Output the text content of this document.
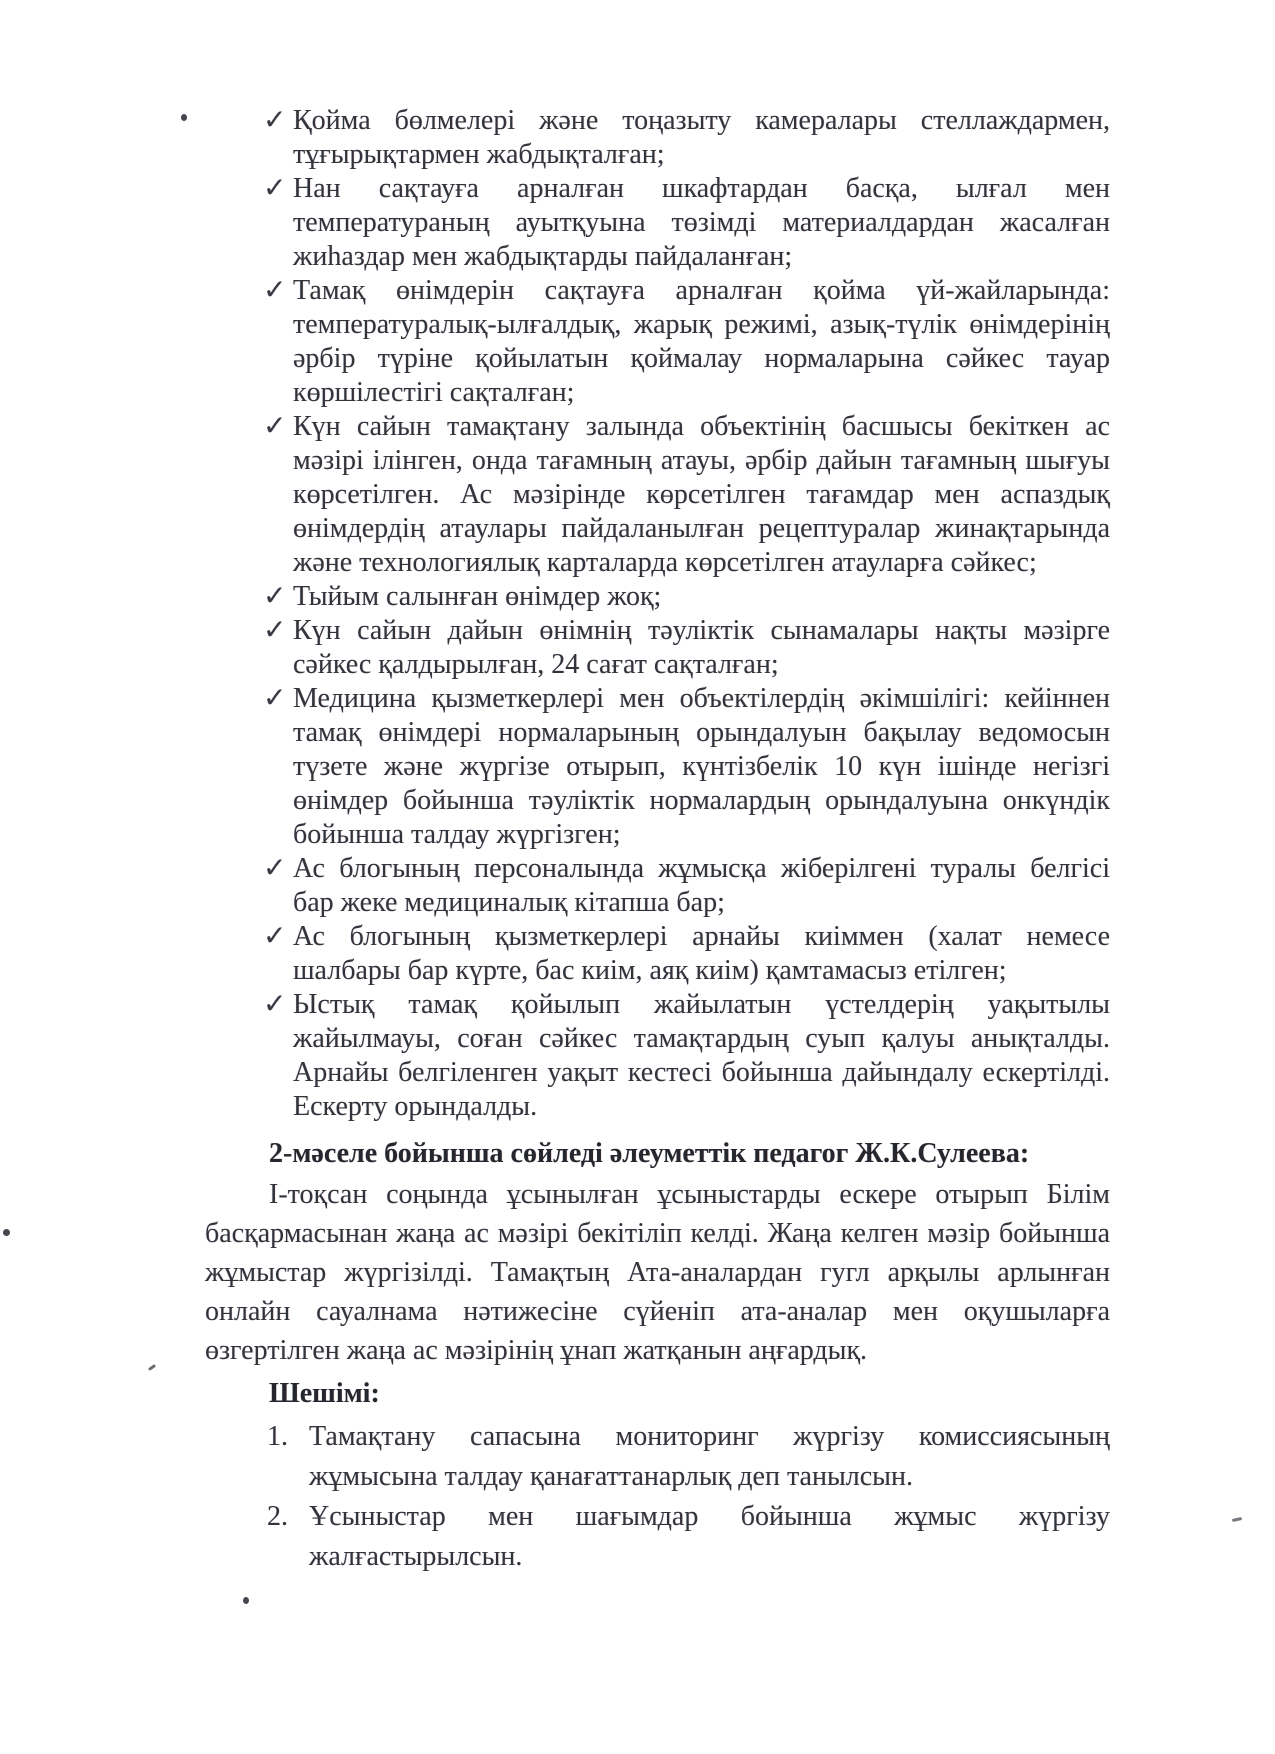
✓ Қойма бөлмелері және тоңазыту камералары стеллаждармен, тұғырықтармен жабдықталған;
✓ Нан сақтауға арналған шкафтардан басқа, ылғал мен температураның ауытқуына төзімді материалдардан жасалған жиһаздар мен жабдықтарды пайдаланған;
✓ Тамақ өнімдерін сақтауға арналған қойма үй-жайларында: температуралық-ылғалдық, жарық режимі, азық-түлік өнімдерінің әрбір түріне қойылатын қоймалау нормаларына сәйкес тауар көршілестігі сақталған;
✓ Күн сайын тамақтану залында объектінің басшысы бекіткен ас мәзірі ілінген, онда тағамның атауы, әрбір дайын тағамның шығуы көрсетілген. Ас мәзірінде көрсетілген тағамдар мен аспаздық өнімдердің атаулары пайдаланылған рецептуралар жинақтарында және технологиялық карталарда көрсетілген атауларға сәйкес;
✓ Тыйым салынған өнімдер жоқ;
✓ Күн сайын дайын өнімнің тәуліктік сынамалары нақты мәзірге сәйкес қалдырылған, 24 сағат сақталған;
✓ Медицина қызметкерлері мен объектілердің әкімшілігі: кейіннен тамақ өнімдері нормаларының орындалуын бақылау ведомосын түзете және жүргізе отырып, күнтізбелік 10 күн ішінде негізгі өнімдер бойынша тәуліктік нормалардың орындалуына онкүндік бойынша талдау жүргізген;
✓ Ас блогының персоналында жұмысқа жіберілгені туралы белгісі бар жеке медициналық кітапша бар;
✓ Ас блогының қызметкерлері арнайы киіммен (халат немесе шалбары бар күрте, бас киім, аяқ киім) қамтамасыз етілген;
✓ Ыстық тамақ қойылып жайылатын үстелдерің уақытылы жайылмауы, соған сәйкес тамақтардың суып қалуы анықталды. Арнайы белгіленген уақыт кестесі бойынша дайындалу ескертілді. Ескерту орындалды.

2-мәселе бойынша сөйледі әлеуметтік педагог Ж.К.Сулеева:

І-тоқсан соңында ұсынылған ұсыныстарды ескере отырып Білім басқармасынан жаңа ас мәзірі бекітіліп келді. Жаңа келген мәзір бойынша жұмыстар жүргізілді. Тамақтың Ата-аналардан гугл арқылы арлынған онлайн сауалнама нәтижесіне сүйеніп ата-аналар мен оқушыларға өзгертілген жаңа ас мәзірінің ұнап жатқанын аңғардық.

Шешімі:

1. Тамақтану сапасына мониторинг жүргізу комиссиясының жұмысына талдау қанағаттанарлық деп танылсын.
2. Ұсыныстар мен шағымдар бойынша жұмыс жүргізу жалғастырылсын.
